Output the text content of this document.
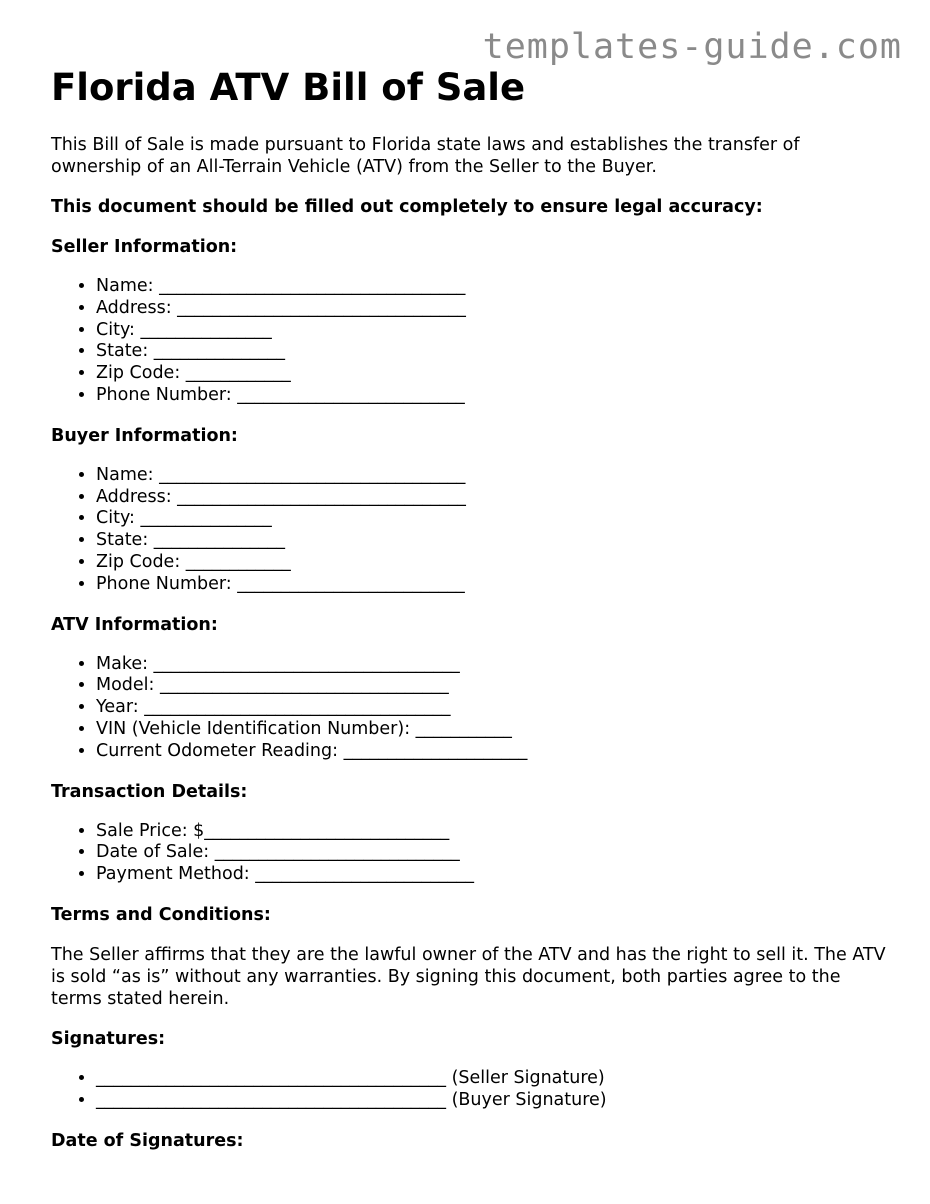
templates-guide.com
Florida ATV Bill of Sale

This Bill of Sale is made pursuant to Florida state laws and establishes the transfer of ownership of an All-Terrain Vehicle (ATV) from the Seller to the Buyer.

This document should be filled out completely to ensure legal accuracy:

Seller Information:
• Name: ___________________________________
• Address: _________________________________
• City: _______________
• State: _______________
• Zip Code: ____________
• Phone Number: __________________________
Buyer Information:
• Name: ___________________________________
• Address: _________________________________
• City: _______________
• State: _______________
• Zip Code: ____________
• Phone Number: __________________________
ATV Information:
• Make: ___________________________________
• Model: _________________________________
• Year: ___________________________________
• VIN (Vehicle Identification Number): ___________
• Current Odometer Reading: _____________________
Transaction Details:
• Sale Price: $____________________________
• Date of Sale: ____________________________
• Payment Method: _________________________
Terms and Conditions:

The Seller affirms that they are the lawful owner of the ATV and has the right to sell it. The ATV is sold “as is” without any warranties. By signing this document, both parties agree to the terms stated herein.

Signatures:
• ________________________________________ (Seller Signature)
• ________________________________________ (Buyer Signature)
Date of Signatures:
